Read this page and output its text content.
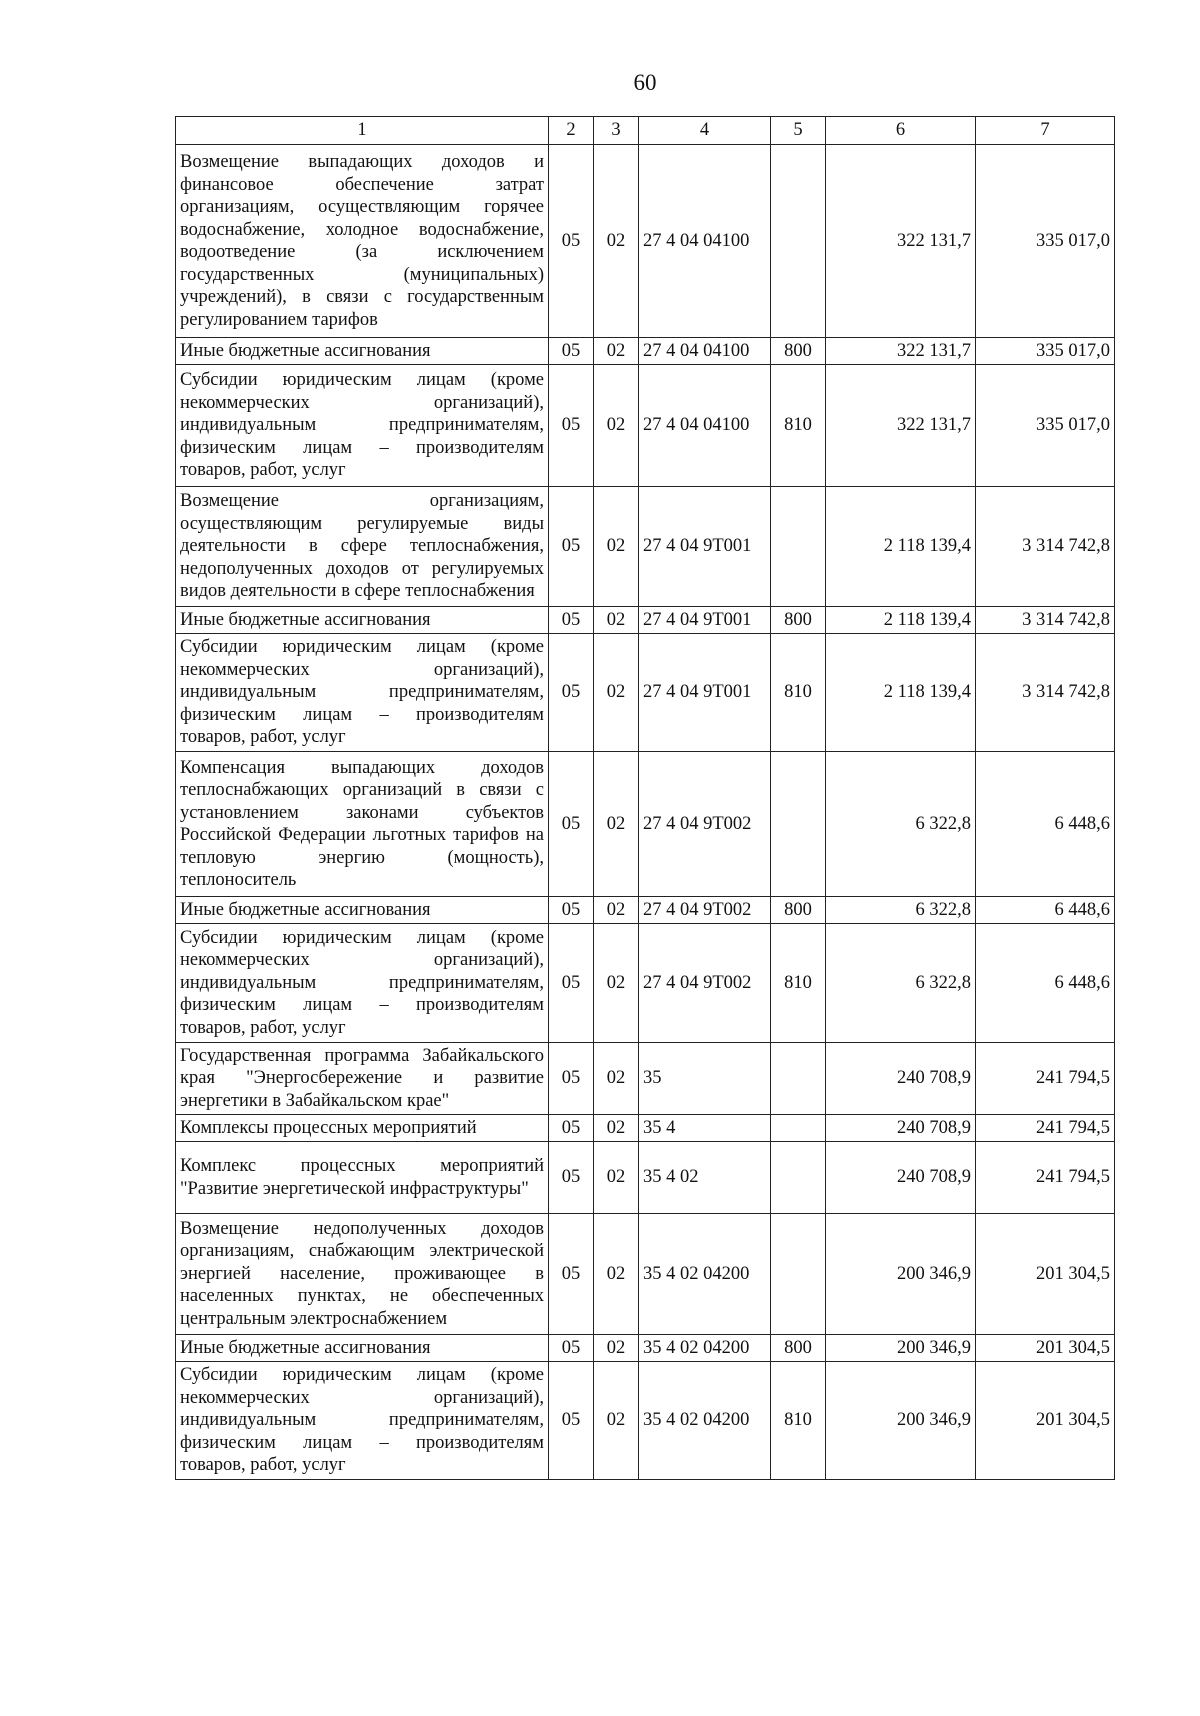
60
1	2	3	4	5	6	7
Возмещение выпадающих доходов и финансовое обеспечение затрат организациям, осуществляющим горячее водоснабжение, холодное водоснабжение, водоотведение (за исключением государственных (муниципальных) учреждений), в связи с государственным регулированием тарифов	05	02	27 4 04 04100		322 131,7	335 017,0
Иные бюджетные ассигнования	05	02	27 4 04 04100	800	322 131,7	335 017,0
Субсидии юридическим лицам (кроме некоммерческих организаций), индивидуальным предпринимателям, физическим лицам – производителям товаров, работ, услуг	05	02	27 4 04 04100	810	322 131,7	335 017,0
Возмещение организациям, осуществляющим регулируемые виды деятельности в сфере теплоснабжения, недополученных доходов от регулируемых видов деятельности в сфере теплоснабжения	05	02	27 4 04 9Т001		2 118 139,4	3 314 742,8
Иные бюджетные ассигнования	05	02	27 4 04 9Т001	800	2 118 139,4	3 314 742,8
Субсидии юридическим лицам (кроме некоммерческих организаций), индивидуальным предпринимателям, физическим лицам – производителям товаров, работ, услуг	05	02	27 4 04 9Т001	810	2 118 139,4	3 314 742,8
Компенсация выпадающих доходов теплоснабжающих организаций в связи с установлением законами субъектов Российской Федерации льготных тарифов на тепловую энергию (мощность), теплоноситель	05	02	27 4 04 9Т002		6 322,8	6 448,6
Иные бюджетные ассигнования	05	02	27 4 04 9Т002	800	6 322,8	6 448,6
Субсидии юридическим лицам (кроме некоммерческих организаций), индивидуальным предпринимателям, физическим лицам – производителям товаров, работ, услуг	05	02	27 4 04 9Т002	810	6 322,8	6 448,6
Государственная программа Забайкальского края "Энергосбережение и развитие энергетики в Забайкальском крае"	05	02	35		240 708,9	241 794,5
Комплексы процессных мероприятий	05	02	35 4		240 708,9	241 794,5
Комплекс процессных мероприятий "Развитие энергетической инфраструктуры"	05	02	35 4 02		240 708,9	241 794,5
Возмещение недополученных доходов организациям, снабжающим электрической энергией население, проживающее в населенных пунктах, не обеспеченных центральным электроснабжением	05	02	35 4 02 04200		200 346,9	201 304,5
Иные бюджетные ассигнования	05	02	35 4 02 04200	800	200 346,9	201 304,5
Субсидии юридическим лицам (кроме некоммерческих организаций), индивидуальным предпринимателям, физическим лицам – производителям товаров, работ, услуг	05	02	35 4 02 04200	810	200 346,9	201 304,5
